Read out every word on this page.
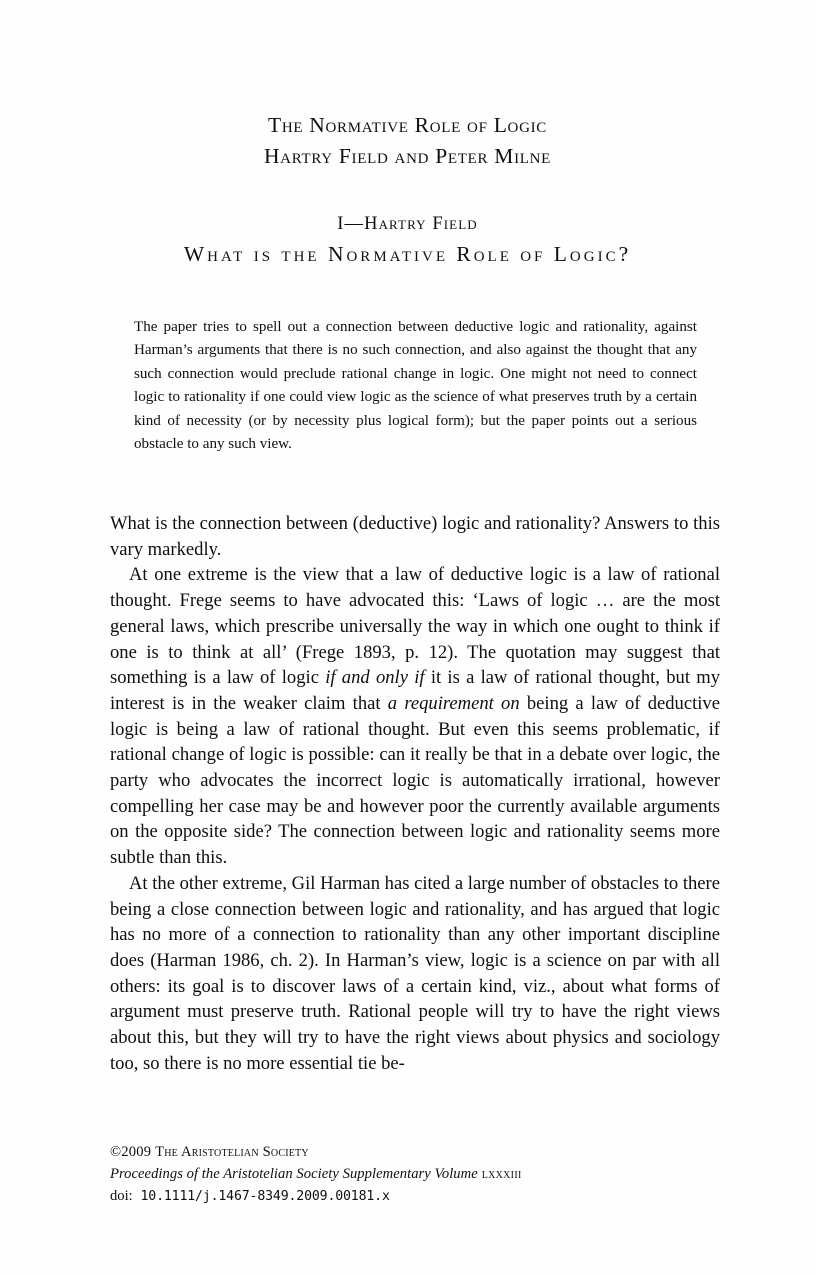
The Normative Role of Logic
Hartry Field and Peter Milne
I—Hartry Field
What is the Normative Role of Logic?
The paper tries to spell out a connection between deductive logic and rationality, against Harman’s arguments that there is no such connection, and also against the thought that any such connection would preclude rational change in logic. One might not need to connect logic to rationality if one could view logic as the science of what preserves truth by a certain kind of necessity (or by necessity plus logical form); but the paper points out a serious obstacle to any such view.

What is the connection between (deductive) logic and rationality? Answers to this vary markedly.

At one extreme is the view that a law of deductive logic is a law of rational thought. Frege seems to have advocated this: ‘Laws of logic … are the most general laws, which prescribe universally the way in which one ought to think if one is to think at all’ (Frege 1893, p. 12). The quotation may suggest that something is a law of logic if and only if it is a law of rational thought, but my interest is in the weaker claim that a requirement on being a law of deductive logic is being a law of rational thought. But even this seems problematic, if rational change of logic is possible: can it really be that in a debate over logic, the party who advocates the incorrect logic is automatically irrational, however compelling her case may be and however poor the currently available arguments on the opposite side? The connection between logic and rationality seems more subtle than this.

At the other extreme, Gil Harman has cited a large number of obstacles to there being a close connection between logic and rationality, and has argued that logic has no more of a connection to rationality than any other important discipline does (Harman 1986, ch. 2). In Harman’s view, logic is a science on par with all others: its goal is to discover laws of a certain kind, viz., about what forms of argument must preserve truth. Rational people will try to have the right views about this, but they will try to have the right views about physics and sociology too, so there is no more essential tie be-

©2009 The Aristotelian Society
Proceedings of the Aristotelian Society Supplementary Volume lxxxiii
doi: 10.1111/j.1467-8349.2009.00181.x
